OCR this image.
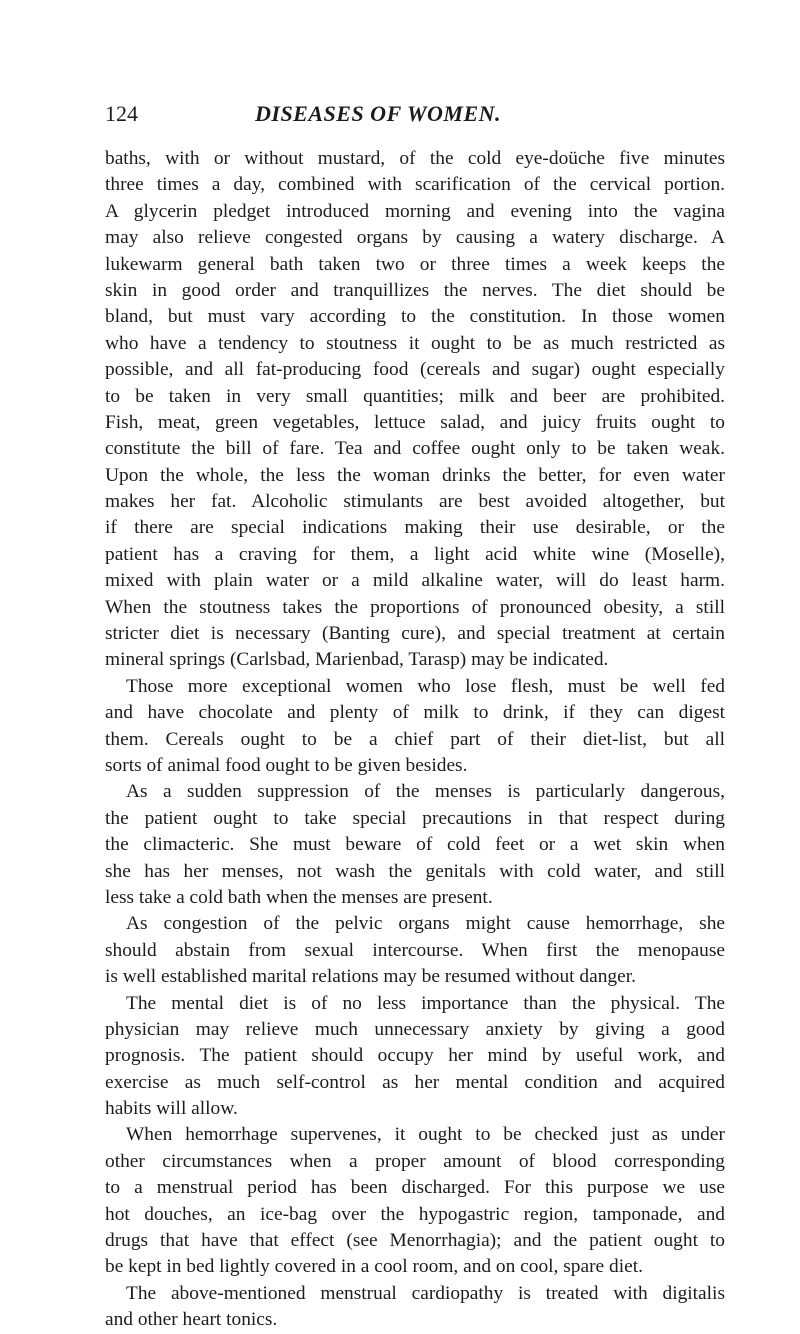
124	DISEASES OF WOMEN.
baths, with or without mustard, of the cold eye-doüche five minutes
three times a day, combined with scarification of the cervical portion.
A glycerin pledget introduced morning and evening into the vagina
may also relieve congested organs by causing a watery discharge. A
lukewarm general bath taken two or three times a week keeps the
skin in good order and tranquillizes the nerves. The diet should be
bland, but must vary according to the constitution. In those women
who have a tendency to stoutness it ought to be as much restricted as
possible, and all fat-producing food (cereals and sugar) ought especially
to be taken in very small quantities; milk and beer are prohibited.
Fish, meat, green vegetables, lettuce salad, and juicy fruits ought to
constitute the bill of fare. Tea and coffee ought only to be taken weak.
Upon the whole, the less the woman drinks the better, for even water
makes her fat. Alcoholic stimulants are best avoided altogether, but
if there are special indications making their use desirable, or the
patient has a craving for them, a light acid white wine (Moselle),
mixed with plain water or a mild alkaline water, will do least harm.
When the stoutness takes the proportions of pronounced obesity, a still
stricter diet is necessary (Banting cure), and special treatment at certain
mineral springs (Carlsbad, Marienbad, Tarasp) may be indicated.
Those more exceptional women who lose flesh, must be well fed
and have chocolate and plenty of milk to drink, if they can digest
them. Cereals ought to be a chief part of their diet-list, but all
sorts of animal food ought to be given besides.
As a sudden suppression of the menses is particularly dangerous,
the patient ought to take special precautions in that respect during
the climacteric. She must beware of cold feet or a wet skin when
she has her menses, not wash the genitals with cold water, and still
less take a cold bath when the menses are present.
As congestion of the pelvic organs might cause hemorrhage, she
should abstain from sexual intercourse. When first the menopause
is well established marital relations may be resumed without danger.
The mental diet is of no less importance than the physical. The
physician may relieve much unnecessary anxiety by giving a good
prognosis. The patient should occupy her mind by useful work, and
exercise as much self-control as her mental condition and acquired
habits will allow.
When hemorrhage supervenes, it ought to be checked just as under
other circumstances when a proper amount of blood corresponding
to a menstrual period has been discharged. For this purpose we use
hot douches, an ice-bag over the hypogastric region, tamponade, and
drugs that have that effect (see Menorrhagia); and the patient ought to
be kept in bed lightly covered in a cool room, and on cool, spare diet.
The above-mentioned menstrual cardiopathy is treated with digitalis
and other heart tonics.
